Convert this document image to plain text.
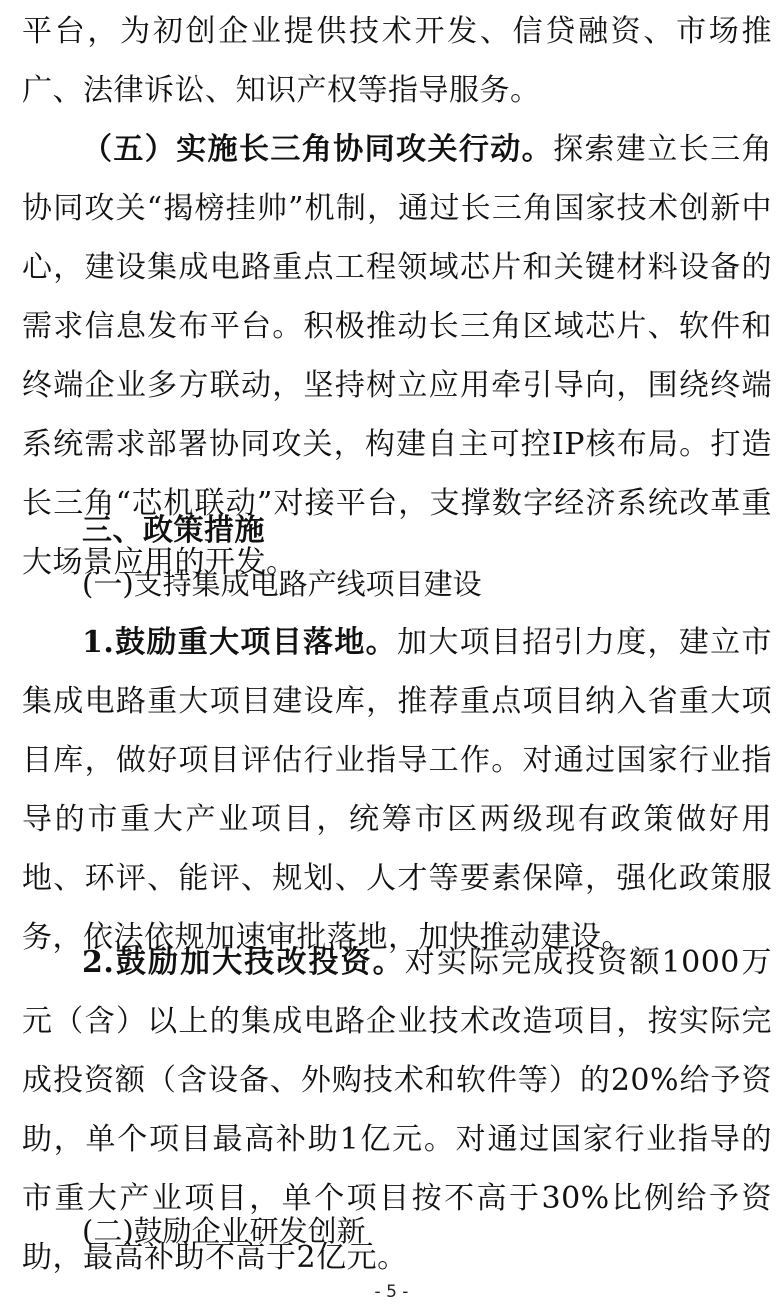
平台，为初创企业提供技术开发、信贷融资、市场推广、法律诉讼、知识产权等指导服务。

（五）实施长三角协同攻关行动。探索建立长三角协同攻关“揭榜挂帅”机制，通过长三角国家技术创新中心，建设集成电路重点工程领域芯片和关键材料设备的需求信息发布平台。积极推动长三角区域芯片、软件和终端企业多方联动，坚持树立应用牵引导向，围绕终端系统需求部署协同攻关，构建自主可控IP核布局。打造长三角“芯机联动”对接平台，支撑数字经济系统改革重大场景应用的开发。

三、政策措施

(一)支持集成电路产线项目建设

1.鼓励重大项目落地。加大项目招引力度，建立市集成电路重大项目建设库，推荐重点项目纳入省重大项目库，做好项目评估行业指导工作。对通过国家行业指导的市重大产业项目，统筹市区两级现有政策做好用地、环评、能评、规划、人才等要素保障，强化政策服务，依法依规加速审批落地，加快推动建设。

2.鼓励加大技改投资。对实际完成投资额1000万元（含）以上的集成电路企业技术改造项目，按实际完成投资额（含设备、外购技术和软件等）的20%给予资助，单个项目最高补助1亿元。对通过国家行业指导的市重大产业项目，单个项目按不高于30%比例给予资助，最高补助不高于2亿元。

(二)鼓励企业研发创新

- 5 -
